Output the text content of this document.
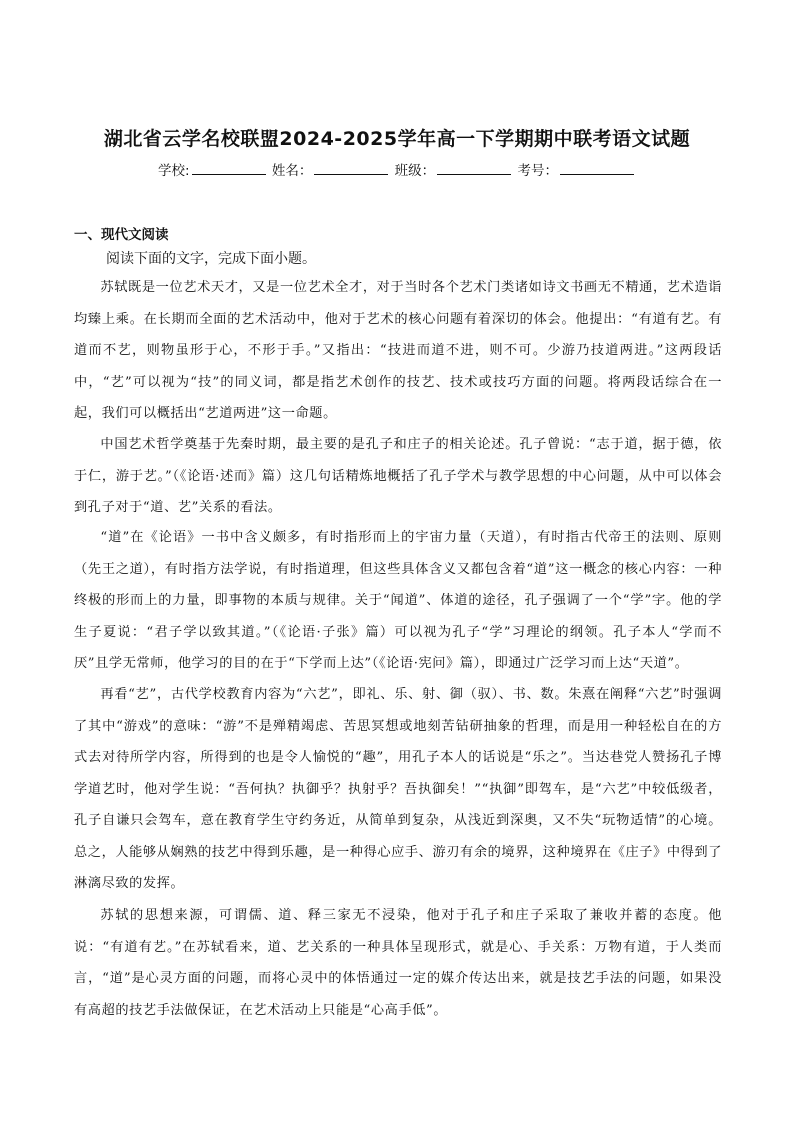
湖北省云学名校联盟2024-2025学年高一下学期期中联考语文试题
学校:	姓名：	班级：	考号：
一、现代文阅读
阅读下面的文字，完成下面小题。

苏轼既是一位艺术天才，又是一位艺术全才，对于当时各个艺术门类诸如诗文书画无不精通，艺术造诣均臻上乘。在长期而全面的艺术活动中，他对于艺术的核心问题有着深切的体会。他提出：“有道有艺。有道而不艺，则物虽形于心，不形于手。”又指出：“技进而道不进，则不可。少游乃技道两进。”这两段话中，“艺”可以视为“技”的同义词，都是指艺术创作的技艺、技术或技巧方面的问题。将两段话综合在一起，我们可以概括出“艺道两进”这一命题。

中国艺术哲学奠基于先秦时期，最主要的是孔子和庄子的相关论述。孔子曾说：“志于道，据于德，依于仁，游于艺。”（《论语·述而》篇）这几句话精炼地概括了孔子学术与教学思想的中心问题，从中可以体会到孔子对于“道、艺”关系的看法。

“道”在《论语》一书中含义颇多，有时指形而上的宇宙力量（天道），有时指古代帝王的法则、原则（先王之道），有时指方法学说，有时指道理，但这些具体含义又都包含着“道”这一概念的核心内容：一种终极的形而上的力量，即事物的本质与规律。关于“闻道”、体道的途径，孔子强调了一个“学”字。他的学生子夏说：“君子学以致其道。”（《论语·子张》篇）可以视为孔子“学”习理论的纲领。孔子本人“学而不厌”且学无常师，他学习的目的在于“下学而上达”（《论语·宪问》篇），即通过广泛学习而上达“天道”。

再看“艺”，古代学校教育内容为“六艺”，即礼、乐、射、御（驭）、书、数。朱熹在阐释“六艺”时强调了其中“游戏”的意味：“游”不是殚精竭虑、苦思冥想或地刻苦钻研抽象的哲理，而是用一种轻松自在的方式去对待所学内容，所得到的也是令人愉悦的“趣”，用孔子本人的话说是“乐之”。当达巷党人赞扬孔子博学道艺时，他对学生说：“吾何执？执御乎？执射乎？吾执御矣！”“执御”即驾车，是“六艺”中较低级者，孔子自谦只会驾车，意在教育学生守约务近，从简单到复杂，从浅近到深奥，又不失“玩物适情”的心境。总之，人能够从娴熟的技艺中得到乐趣，是一种得心应手、游刃有余的境界，这种境界在《庄子》中得到了淋漓尽致的发挥。

苏轼的思想来源，可谓儒、道、释三家无不浸染，他对于孔子和庄子采取了兼收并蓄的态度。他说：“有道有艺。”在苏轼看来，道、艺关系的一种具体呈现形式，就是心、手关系：万物有道，于人类而言，“道”是心灵方面的问题，而将心灵中的体悟通过一定的媒介传达出来，就是技艺手法的问题，如果没有高超的技艺手法做保证，在艺术活动上只能是“心高手低”。
